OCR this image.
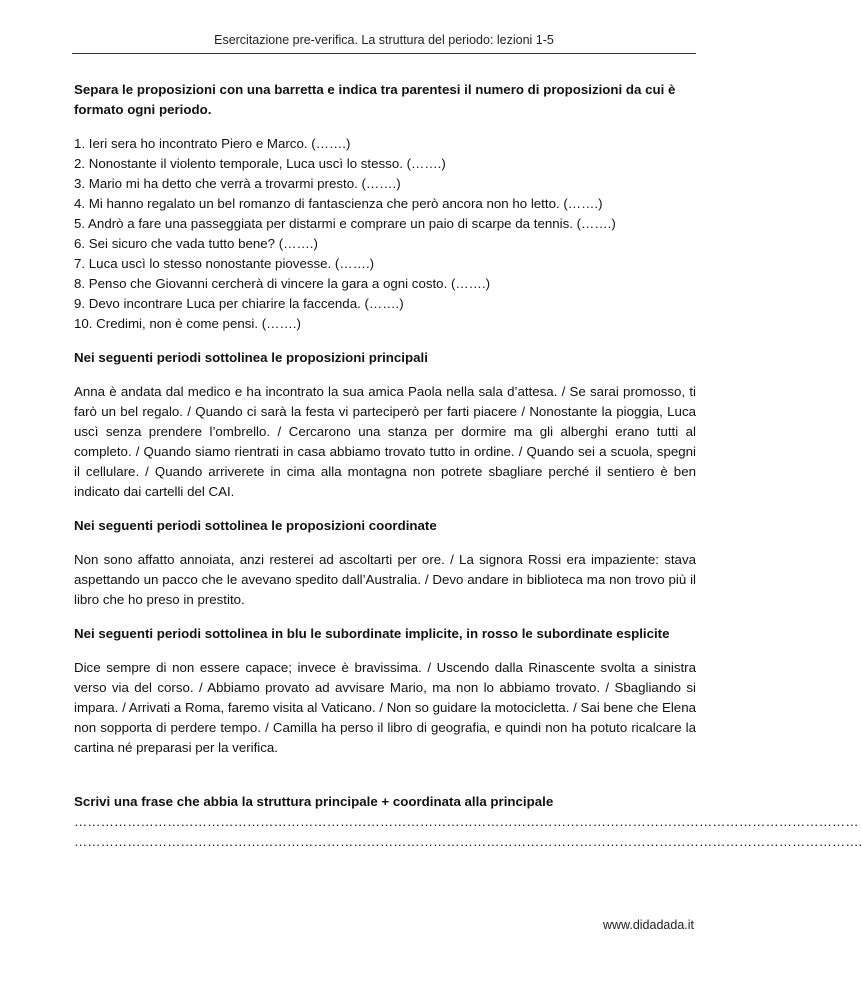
Esercitazione pre-verifica. La struttura del periodo: lezioni 1-5

Separa le proposizioni con una barretta e indica tra parentesi il numero di proposizioni da cui è formato ogni periodo.

1. Ieri sera ho incontrato Piero e Marco. (…….)
2. Nonostante il violento temporale, Luca uscì lo stesso. (…….)
3. Mario mi ha detto che verrà a trovarmi presto. (…….)
4. Mi hanno regalato un bel romanzo di fantascienza che però ancora non ho letto. (…….)
5. Andrò a fare una passeggiata per distarmi e comprare un paio di scarpe da tennis. (…….)
6. Sei sicuro che vada tutto bene? (…….)
7. Luca uscì lo stesso nonostante piovesse. (…….)
8. Penso che Giovanni cercherà di vincere la gara a ogni costo. (…….)
9. Devo incontrare Luca per chiarire la faccenda. (…….)
10. Credimi, non è come pensi. (…….)

Nei seguenti periodi sottolinea le proposizioni principali

Anna è andata dal medico e ha incontrato la sua amica Paola nella sala d’attesa. / Se sarai promosso, ti farò un bel regalo. / Quando ci sarà la festa vi parteciperò per farti piacere / Nonostante la pioggia, Luca uscì senza prendere l’ombrello. / Cercarono una stanza per dormire ma gli alberghi erano tutti al completo. / Quando siamo rientrati in casa abbiamo trovato tutto in ordine. / Quando sei a scuola, spegni il cellulare. / Quando arriverete in cima alla montagna non potrete sbagliare perché il sentiero è ben indicato dai cartelli del CAI.

Nei seguenti periodi sottolinea le proposizioni coordinate

Non sono affatto annoiata, anzi resterei ad ascoltarti per ore. / La signora Rossi era impaziente: stava aspettando un pacco che le avevano spedito dall’Australia. / Devo andare in biblioteca ma non trovo più il libro che ho preso in prestito.

Nei seguenti periodi sottolinea in blu le subordinate implicite, in rosso le subordinate esplicite

Dice sempre di non essere capace; invece è bravissima. / Uscendo dalla Rinascente svolta a sinistra verso via del corso. / Abbiamo provato ad avvisare Mario, ma non lo abbiamo trovato. / Sbagliando si impara. / Arrivati a Roma, faremo visita al Vaticano. / Non so guidare la motocicletta. / Sai bene che Elena non sopporta di perdere tempo. / Camilla ha perso il libro di geografia, e quindi non ha potuto ricalcare la cartina né preparasi per la verifica.

Scrivi una frase che abbia la struttura principale + coordinata alla principale

……………………………………………………………………………………………………………………………………………………………

…………………………………………………………………………………………………………………………………………………………….

www.didadada.it
